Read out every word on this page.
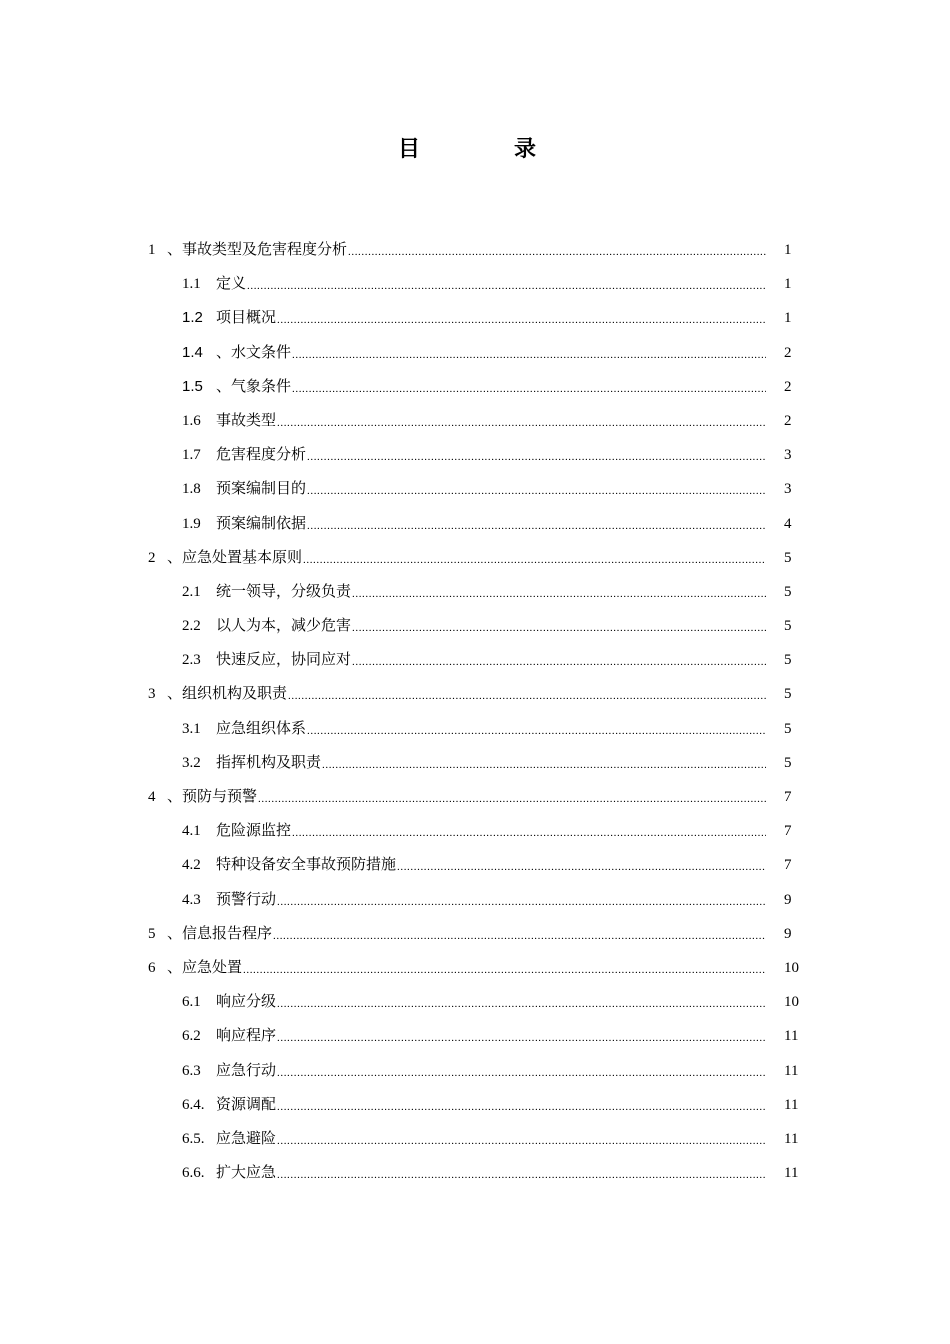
目　录
.....
1 、事故类型及危害程度分析	1
.....
1.1 定义	1
.....
1.2 项目概况	1
.....
1.4 、水文条件	2
.....
1.5 、气象条件	2
.....
1.6 事故类型	2
.....
1.7 危害程度分析	3
.....
1.8 预案编制目的	3
.....
1.9 预案编制依据	4
.....
2 、应急处置基本原则	5
.....
2.1 统一领导，分级负责	5
.....
2.2 以人为本，减少危害	5
.....
2.3 快速反应，协同应对	5
.....
3 、组织机构及职责	5
.....
3.1 应急组织体系	5
.....
3.2 指挥机构及职责	5
.....
4 、预防与预警	7
.....
4.1 危险源监控	7
.....
4.2 特种设备安全事故预防措施	7
.....
4.3 预警行动	9
.....
5 、信息报告程序	9
.....
6 、应急处置	10
.....
6.1 响应分级	10
.....
6.2 响应程序	11
.....
6.3 应急行动	11
.....
6.4. 资源调配	11
.....
6.5. 应急避险	11
.....
6.6. 扩大应急	11
